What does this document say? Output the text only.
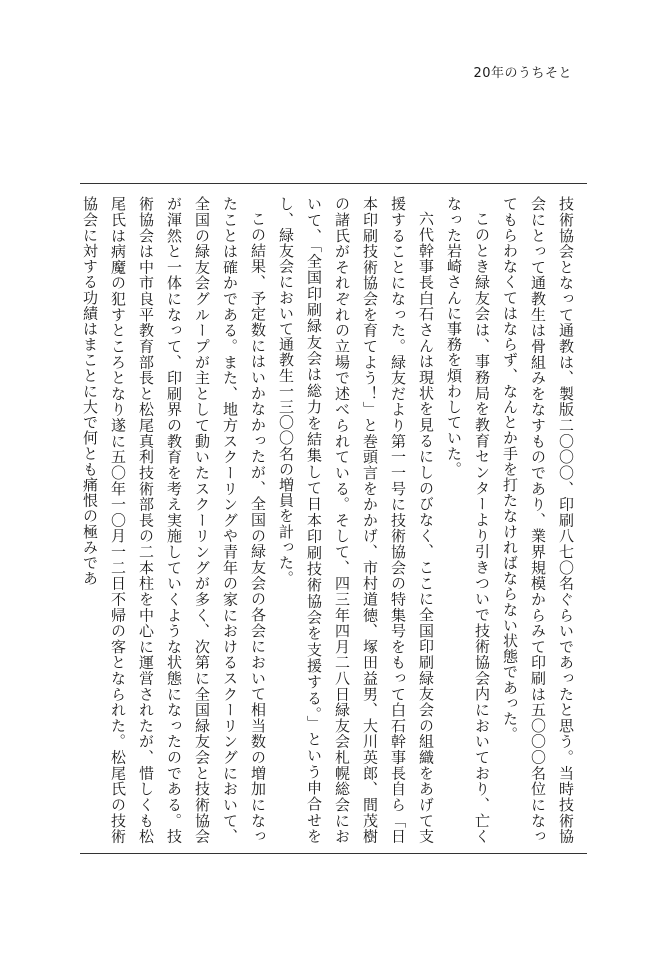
20年のうちそと

技術協会となって通教は、製版二〇〇〇、印刷八七〇名ぐらいであったと思う。当時技術協会にとって通教生は骨組みをなすものであり、業界規模からみて印刷は五〇〇〇名位になってもらわなくてはならず、なんとか手を打たなければならない状態であった。

このとき緑友会は、事務局を教育センターより引きついで技術協会内においており、亡くなった岩崎さんに事務を煩わしていた。

六代幹事長白石さんは現状を見るにしのびなく、ここに全国印刷緑友会の組織をあげて支援することになった。緑友だより第一一号に技術協会の特集号をもって白石幹事長自ら「日本印刷技術協会を育てよう！」と巻頭言をかかげ、市村道徳、塚田益男、大川英郎、間茂樹の諸氏がそれぞれの立場で述べられている。そして、四三年四月二八日緑友会札幌総会において、「全国印刷緑友会は総力を結集して日本印刷技術協会を支援する。」という申合せをし、緑友会において通教生一三〇〇名の増員を計った。

この結果、予定数にはいかなかったが、全国の緑友会の各会において相当数の増加になったことは確かである。また、地方スクーリングや青年の家におけるスクーリングにおいて、全国の緑友会グループが主として動いたスクーリングが多く、次第に全国緑友会と技術協会が渾然と一体になって、印刷界の教育を考え実施していくような状態になったのである。技術協会は中市良平教育部長と松尾真利技術部長の二本柱を中心に運営されたが、惜しくも松尾氏は病魔の犯すところとなり遂に五〇年一〇月一二日不帰の客となられた。松尾氏の技術協会に対する功績はまことに大で何とも痛恨の極みであ
